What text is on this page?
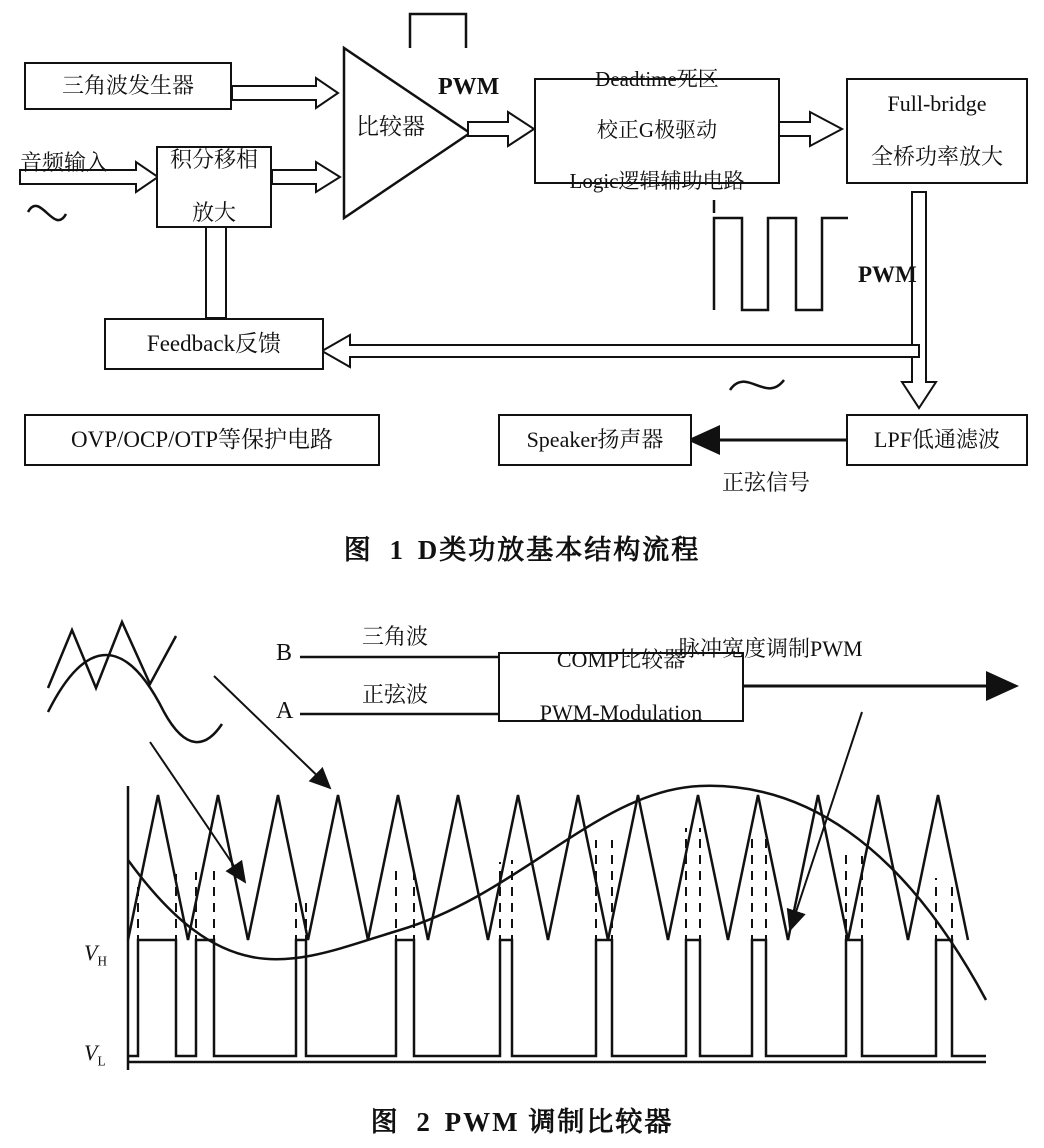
三角波发生器
积分移相

放大
比较器
Deadtime死区

校正G极驱动

Logic逻辑辅助电路
Full-bridge

全桥功率放大
Feedback反馈
OVP/OCP/OTP等保护电路	Speaker扬声器	LPF低通滤波
音频输入
PWM
PWM
正弦信号
图 1 D类功放基本结构流程
COMP比较器

PWM-Modulation
B
A
三角波
正弦波
脉冲宽度调制PWM
$V_H$
$V_L$
图 2 PWM 调制比较器
